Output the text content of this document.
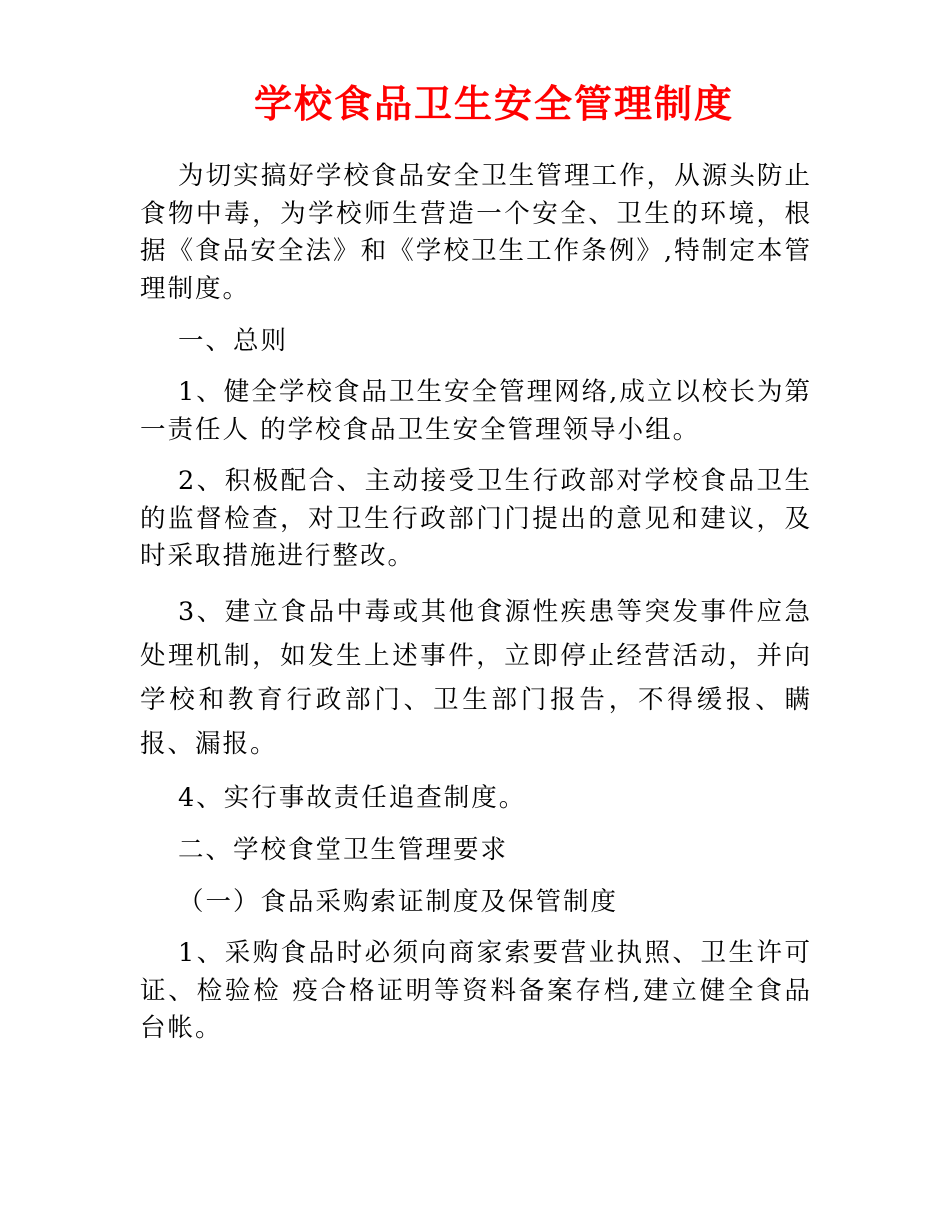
学校食品卫生安全管理制度

为切实搞好学校食品安全卫生管理工作，从源头防止食物中毒，为学校师生营造一个安全、卫生的环境，根据《食品安全法》和《学校卫生工作条例》,特制定本管理制度。

一、总则

1、健全学校食品卫生安全管理网络,成立以校长为第一责任人 的学校食品卫生安全管理领导小组。

2、积极配合、主动接受卫生行政部对学校食品卫生的监督检查，对卫生行政部门门提出的意见和建议，及时采取措施进行整改。

3、建立食品中毒或其他食源性疾患等突发事件应急处理机制，如发生上述事件，立即停止经营活动，并向学校和教育行政部门、卫生部门报告，不得缓报、瞒报、漏报。

4、实行事故责任追查制度。

二、学校食堂卫生管理要求

（一）食品采购索证制度及保管制度

1、采购食品时必须向商家索要营业执照、卫生许可证、检验检 疫合格证明等资料备案存档,建立健全食品台帐。
